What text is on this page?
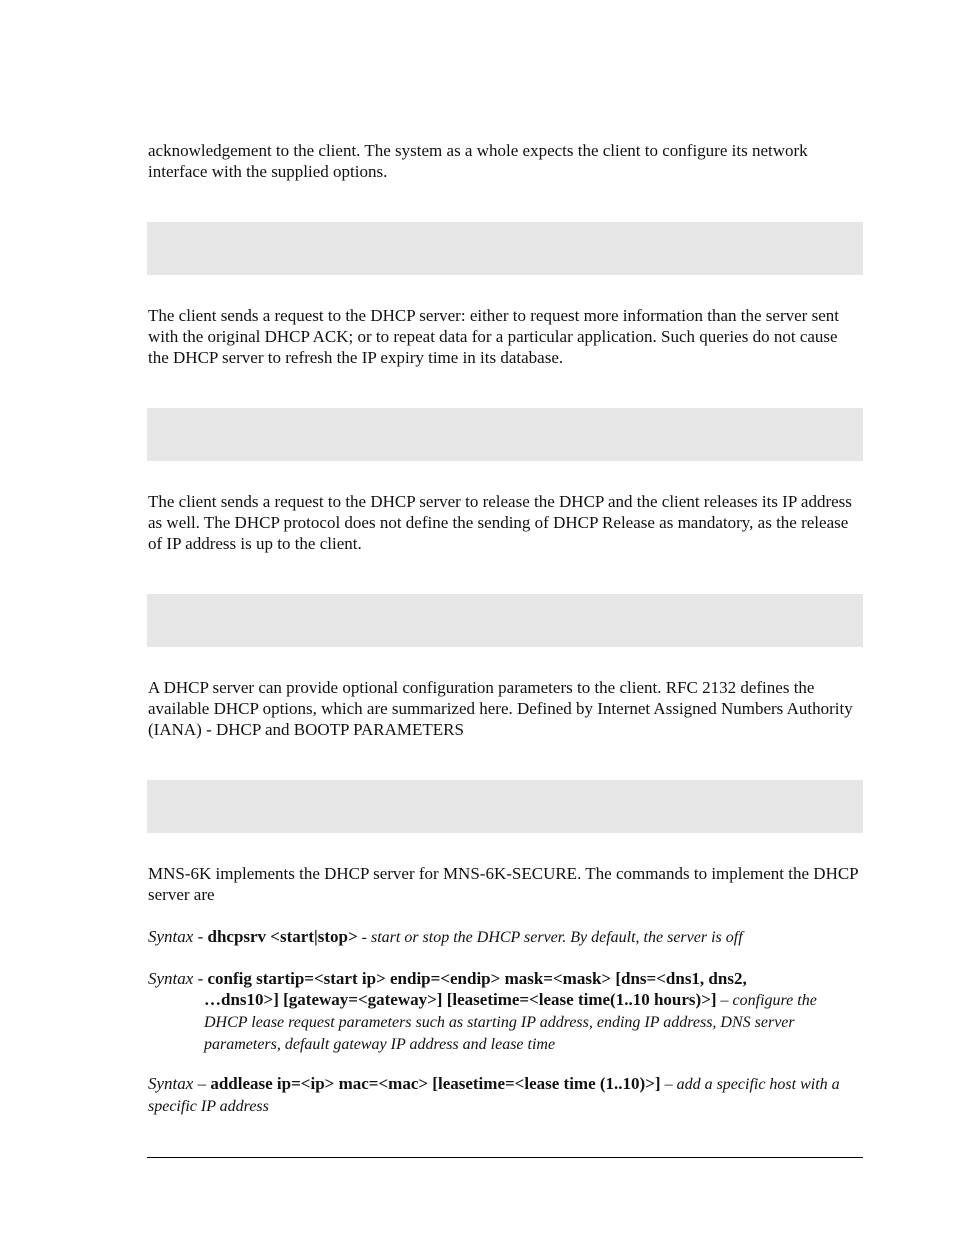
acknowledgement to the client. The system as a whole expects the client to configure its network interface with the supplied options.

The client sends a request to the DHCP server: either to request more information than the server sent with the original DHCP ACK; or to repeat data for a particular application. Such queries do not cause the DHCP server to refresh the IP expiry time in its database.

The client sends a request to the DHCP server to release the DHCP and the client releases its IP address as well. The DHCP protocol does not define the sending of DHCP Release as mandatory, as the release of IP address is up to the client.

A DHCP server can provide optional configuration parameters to the client. RFC 2132 defines the available DHCP options, which are summarized here. Defined by Internet Assigned Numbers Authority (IANA) - DHCP and BOOTP PARAMETERS

MNS-6K implements the DHCP server for MNS-6K-SECURE. The commands to implement the DHCP server are

Syntax - dhcpsrv <start|stop> - start or stop the DHCP server. By default, the server is off

Syntax - config startip=<start ip> endip=<endip> mask=<mask> [dns=<dns1, dns2,
…dns10>] [gateway=<gateway>] [leasetime=<lease time(1..10 hours)>] – configure the DHCP lease request parameters such as starting IP address, ending IP address, DNS server parameters, default gateway IP address and lease time

Syntax – addlease ip=<ip> mac=<mac> [leasetime=<lease time (1..10)>] – add a specific host with a specific IP address
